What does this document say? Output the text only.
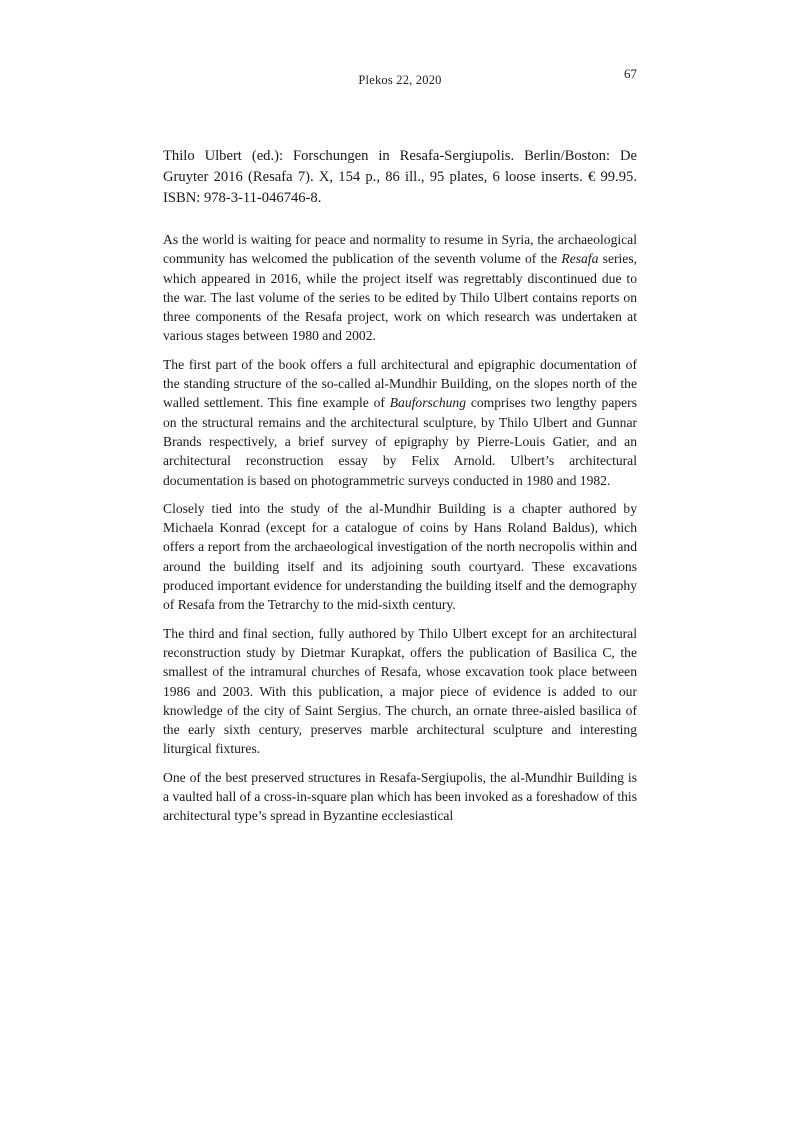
Plekos 22, 2020	67

Thilo Ulbert (ed.): Forschungen in Resafa-Sergiupolis. Berlin/Boston: De Gruyter 2016 (Resafa 7). X, 154 p., 86 ill., 95 plates, 6 loose inserts. € 99.95. ISBN: 978-3-11-046746-8.

As the world is waiting for peace and normality to resume in Syria, the archaeological community has welcomed the publication of the seventh volume of the Resafa series, which appeared in 2016, while the project itself was regrettably discontinued due to the war. The last volume of the series to be edited by Thilo Ulbert contains reports on three components of the Resafa project, work on which research was undertaken at various stages between 1980 and 2002.

The first part of the book offers a full architectural and epigraphic documentation of the standing structure of the so-called al-Mundhir Building, on the slopes north of the walled settlement. This fine example of Bauforschung comprises two lengthy papers on the structural remains and the architectural sculpture, by Thilo Ulbert and Gunnar Brands respectively, a brief survey of epigraphy by Pierre-Louis Gatier, and an architectural reconstruction essay by Felix Arnold. Ulbert’s architectural documentation is based on photogrammetric surveys conducted in 1980 and 1982.

Closely tied into the study of the al-Mundhir Building is a chapter authored by Michaela Konrad (except for a catalogue of coins by Hans Roland Baldus), which offers a report from the archaeological investigation of the north necropolis within and around the building itself and its adjoining south courtyard. These excavations produced important evidence for understanding the building itself and the demography of Resafa from the Tetrarchy to the mid-sixth century.

The third and final section, fully authored by Thilo Ulbert except for an architectural reconstruction study by Dietmar Kurapkat, offers the publication of Basilica C, the smallest of the intramural churches of Resafa, whose excavation took place between 1986 and 2003. With this publication, a major piece of evidence is added to our knowledge of the city of Saint Sergius. The church, an ornate three-aisled basilica of the early sixth century, preserves marble architectural sculpture and interesting liturgical fixtures.

One of the best preserved structures in Resafa-Sergiupolis, the al-Mundhir Building is a vaulted hall of a cross-in-square plan which has been invoked as a foreshadow of this architectural type’s spread in Byzantine ecclesiastical
